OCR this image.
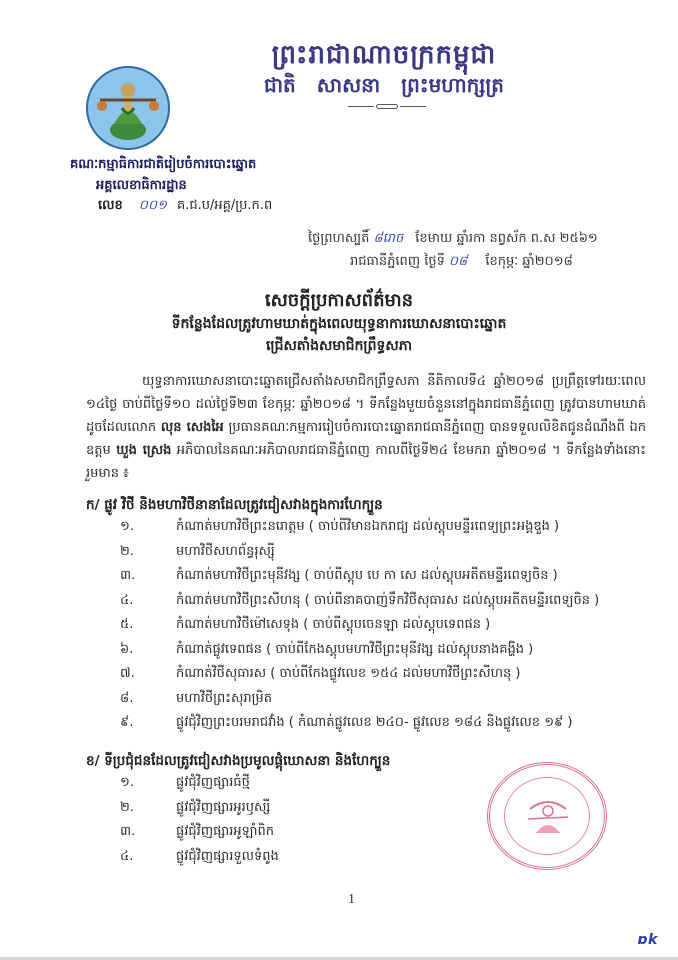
ព្រះរាជាណាចក្រកម្ពុជា
ជាតិ សាសនា ព្រះមហាក្សត្រ
គណៈកម្មាធិការជាតិរៀបចំការបោះឆ្នោត
អគ្គលេខាធិការដ្ឋាន
លេខ ០០១ គ.ជ.ប/អគ្គ/ប្រ.ក.ព
ថ្ងៃព្រហស្បតិ៍ ៨រោច ខែមាឃ ឆ្នាំរកា នព្វស័ក ព.ស ២៥៦១
រាជធានីភ្នំពេញ ថ្ងៃទី ០៨ ខែកុម្ភៈ ឆ្នាំ២០១៨
សេចក្តីប្រកាសព័ត៌មាន
ទីកន្លែងដែលត្រូវហាមឃាត់ក្នុងពេលយុទ្ធនាការឃោសនាបោះឆ្នោត
ជ្រើសតាំងសមាជិកព្រឹទ្ធសភា
យុទ្ធនាការឃោសនាបោះឆ្នោតជ្រើសតាំងសមាជិកព្រឹទ្ធសភា នីតិកាលទី៤ ឆ្នាំ២០១៨ ប្រព្រឹត្តទៅរយៈពេល ១៤ថ្ងៃ ចាប់ពីថ្ងៃទី១០ ដល់ថ្ងៃទី២៣ ខែកុម្ភៈ ឆ្នាំ២០១៨ ។ ទីកន្លែងមួយចំនួននៅក្នុងរាជធានីភ្នំពេញ ត្រូវបានហាមឃាត់ដូចដែលលោក លុន សេងអៃ ប្រធានគណៈកម្មការរៀបចំការបោះឆ្នោតរាជធានីភ្នំពេញ បានទទួលលិខិតជូនដំណឹងពី ឯកឧត្តម ឃួង ស្រេង អភិបាលនៃគណៈអភិបាលរាជធានីភ្នំពេញ កាលពីថ្ងៃទី២៤ ខែមករា ឆ្នាំ២០១៨ ។ ទីកន្លែងទាំងនោះ រួមមាន ៖
ក/ ផ្លូវ វិថី និងមហាវិថីនានាដែលត្រូវជៀសវាងក្នុងការហែក្បួន
១.	កំណាត់មហាវិថីព្រះនរោត្តម ( ចាប់ពីវិមានឯករាជ្យ ដល់ស្តុបមន្ទីរពេទ្យព្រះអង្គឌួង )
២.	មហាវិថីសហព័ន្ធរុស្ស៊ី
៣.	កំណាត់មហាវិថីព្រះមុនីវង្ស ( ចាប់ពីស្តុប បេ កា សេ ដល់ស្តុបអតីតមន្ទីរពេទ្យចិន )
៤.	កំណាត់មហាវិថីព្រះសីហនុ ( ចាប់ពីនាគបាញ់ទឹកវិថីសុធារស ដល់ស្តុបអតីតមន្ទីរពេទ្យចិន )
៥.	កំណាត់មហាវិថីម៉ៅសេទុង ( ចាប់ពីស្តុបចេនឡា ដល់ស្តុបទេពផន )
៦.	កំណាត់ផ្លូវទេពផន ( ចាប់ពីកែងស្តុបមហាវិថីព្រះមុនីវង្ស ដល់ស្តុបនាងគង្ហីង )
៧.	កំណាត់វិថីសុធារស ( ចាប់ពីកែងផ្លូវលេខ ១៥៤ ដល់មហាវិថីព្រះសីហនុ )
៨.	មហាវិថីព្រះសុរាម្រិត
៩.	ផ្លូវជុំវិញព្រះបរមរាជវាំង ( កំណាត់ផ្លូវលេខ ២៤០- ផ្លូវលេខ ១៨៤ និងផ្លូវលេខ ១៩ )
ខ/ ទីប្រជុំជនដែលត្រូវជៀសវាងប្រមូលផ្តុំឃោសនា និងហែក្បួន
១.	ផ្លូវជុំវិញផ្សារធំថ្មី
២.	ផ្លូវជុំវិញផ្សារអូរឫស្សី
៣.	ផ្លូវជុំវិញផ្សារអូឡាំពិក
៤.	ផ្លូវជុំវិញផ្សារទួលទំពូង
1
ɒk
